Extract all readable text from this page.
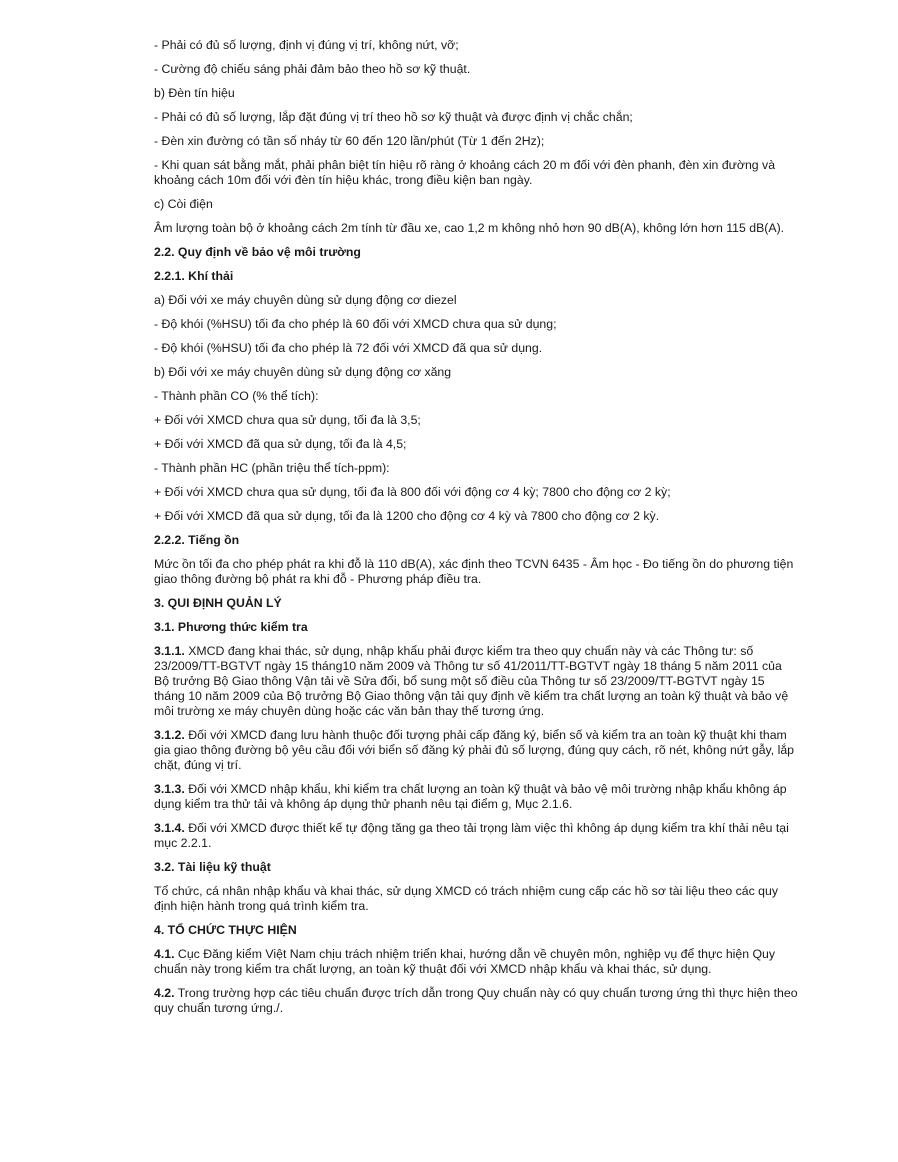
- Phải có đủ số lượng, định vị đúng vị trí, không nứt, vỡ;

- Cường độ chiếu sáng phải đảm bảo theo hồ sơ kỹ thuật.

b) Đèn tín hiệu

- Phải có đủ số lượng, lắp đặt đúng vị trí theo hồ sơ kỹ thuật và được định vị chắc chắn;

- Đèn xin đường có tần số nháy từ 60 đến 120 lần/phút (Từ 1 đến 2Hz);

- Khi quan sát bằng mắt, phải phân biệt tín hiệu rõ ràng ở khoảng cách 20 m đối với đèn phanh, đèn xin đường và khoảng cách 10m đối với đèn tín hiệu khác, trong điều kiện ban ngày.

c) Còi điện

Âm lượng toàn bộ ở khoảng cách 2m tính từ đầu xe, cao 1,2 m không nhỏ hơn 90 dB(A), không lớn hơn 115 dB(A).

2.2. Quy định về bảo vệ môi trường

2.2.1. Khí thải

a) Đối với xe máy chuyên dùng sử dụng động cơ diezel

- Độ khói (%HSU) tối đa cho phép là 60 đối với XMCD chưa qua sử dụng;

- Độ khói (%HSU) tối đa cho phép là 72 đối với XMCD đã qua sử dụng.

b) Đối với xe máy chuyên dùng sử dụng động cơ xăng

- Thành phần CO (% thể tích):

+ Đối với XMCD chưa qua sử dụng, tối đa là 3,5;

+ Đối với XMCD đã qua sử dụng, tối đa là 4,5;

- Thành phần HC (phần triệu thể tích-ppm):

+ Đối với XMCD chưa qua sử dụng, tối đa là 800 đối với động cơ 4 kỳ; 7800 cho động cơ 2 kỳ;

+ Đối với XMCD đã qua sử dụng, tối đa là 1200 cho động cơ 4 kỳ và 7800 cho động cơ 2 kỳ.

2.2.2. Tiếng ồn

Mức ồn tối đa cho phép phát ra khi đỗ là 110 dB(A), xác định theo TCVN 6435 - Âm học - Đo tiếng ồn do phương tiện giao thông đường bộ phát ra khi đỗ - Phương pháp điều tra.

3. QUI ĐỊNH QUẢN LÝ

3.1. Phương thức kiểm tra

3.1.1. XMCD đang khai thác, sử dụng, nhập khẩu phải được kiểm tra theo quy chuẩn này và các Thông tư: số 23/2009/TT-BGTVT ngày 15 tháng10 năm 2009 và Thông tư số 41/2011/TT-BGTVT ngày 18 tháng 5 năm 2011 của Bộ trưởng Bộ Giao thông Vận tải về Sửa đổi, bổ sung một số điều của Thông tư số 23/2009/TT-BGTVT ngày 15 tháng 10 năm 2009 của Bộ trưởng Bộ Giao thông vận tải quy định về kiểm tra chất lượng an toàn kỹ thuật và bảo vệ môi trường xe máy chuyên dùng hoặc các văn bản thay thế tương ứng.

3.1.2. Đối với XMCD đang lưu hành thuộc đối tượng phải cấp đăng ký, biển số và kiểm tra an toàn kỹ thuật khi tham gia giao thông đường bộ yêu cầu đối với biển số đăng ký phải đủ số lượng, đúng quy cách, rõ nét, không nứt gẫy, lắp chặt, đúng vị trí.

3.1.3. Đối với XMCD nhập khẩu, khi kiểm tra chất lượng an toàn kỹ thuật và bảo vệ môi trường nhập khẩu không áp dụng kiểm tra thử tải và không áp dụng thử phanh nêu tại điểm g, Mục 2.1.6.

3.1.4. Đối với XMCD được thiết kế tự động tăng ga theo tải trọng làm việc thì không áp dụng kiểm tra khí thải nêu tại mục 2.2.1.

3.2. Tài liệu kỹ thuật

Tổ chức, cá nhân nhập khẩu và khai thác, sử dụng XMCD có trách nhiệm cung cấp các hồ sơ tài liệu theo các quy định hiện hành trong quá trình kiểm tra.

4. TỔ CHỨC THỰC HIỆN

4.1. Cục Đăng kiểm Việt Nam chịu trách nhiệm triển khai, hướng dẫn về chuyên môn, nghiệp vụ để thực hiện Quy chuẩn này trong kiểm tra chất lượng, an toàn kỹ thuật đối với XMCD nhập khẩu và khai thác, sử dụng.

4.2. Trong trường hợp các tiêu chuẩn được trích dẫn trong Quy chuẩn này có quy chuẩn tương ứng thì thực hiện theo quy chuẩn tương ứng./.
